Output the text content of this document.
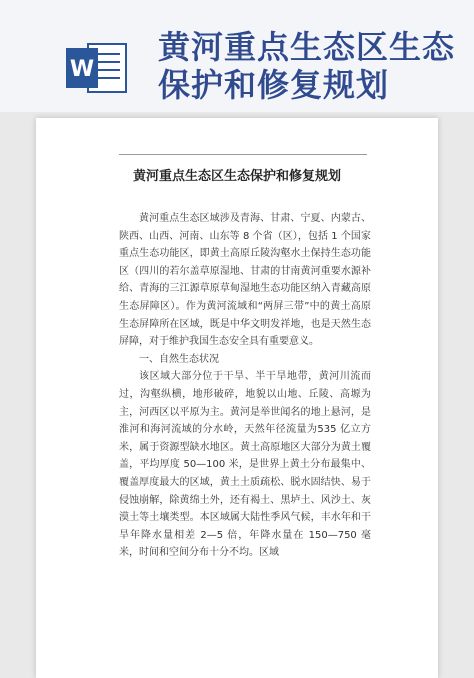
W
黄河重点生态区生态保护和修复规划
黄河重点生态区生态保护和修复规划

黄河重点生态区域涉及青海、甘肃、宁夏、内蒙古、陕西、山西、河南、山东等 8 个省（区），包括 1 个国家重点生态功能区，即黄土高原丘陵沟壑水土保持生态功能区（四川的若尔盖草原湿地、甘肃的甘南黄河重要水源补给、青海的三江源草原草甸湿地生态功能区纳入青藏高原生态屏障区）。作为黄河流域和“两屏三带”中的黄土高原生态屏障所在区域，既是中华文明发祥地，也是天然生态屏障，对于维护我国生态安全具有重要意义。

一、自然生态状况

该区域大部分位于干旱、半干旱地带，黄河川流而过，沟壑纵横，地形破碎，地貌以山地、丘陵、高塬为主，河西区以平原为主。黄河是举世闻名的地上悬河，是淮河和海河流域的分水岭，天然年径流量为535 亿立方米，属于资源型缺水地区。黄土高原地区大部分为黄土覆盖，平均厚度 50—100 米，是世界上黄土分布最集中、覆盖厚度最大的区域，黄土土质疏松、脱水固结快、易于侵蚀崩解，除黄绵土外，还有褐土、黑垆土、风沙土、灰漠土等土壤类型。本区域属大陆性季风气候，丰水年和干旱年降水量相差 2—5 倍，年降水量在 150—750 毫米，时间和空间分布十分不均。区域
